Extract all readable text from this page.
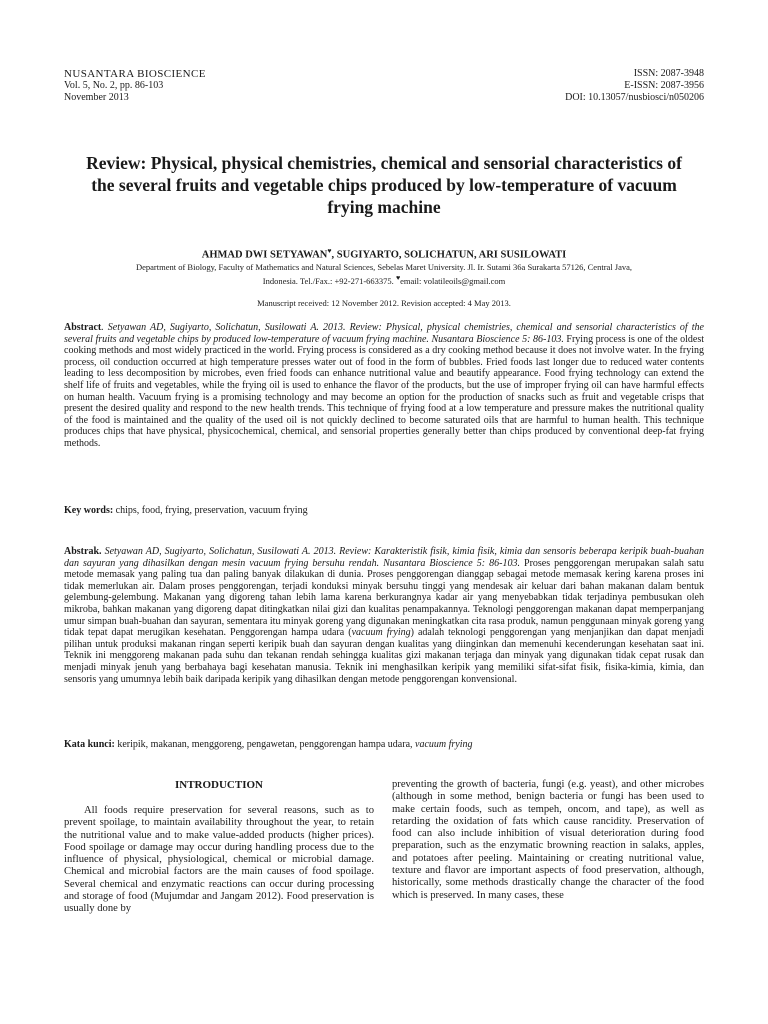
NUSANTARA BIOSCIENCE
Vol. 5, No. 2, pp. 86-103
November 2013
ISSN: 2087-3948
E-ISSN: 2087-3956
DOI: 10.13057/nusbiosci/n050206
Review: Physical, physical chemistries, chemical and sensorial characteristics of the several fruits and vegetable chips produced by low-temperature of vacuum frying machine
AHMAD DWI SETYAWAN♥, SUGIYARTO, SOLICHATUN, ARI SUSILOWATI
Department of Biology, Faculty of Mathematics and Natural Sciences, Sebelas Maret University. Jl. Ir. Sutami 36a Surakarta 57126, Central Java,
Indonesia. Tel./Fax.: +92-271-663375. ♥email: volatileoils@gmail.com
Manuscript received: 12 November 2012. Revision accepted: 4 May 2013.

Abstract. Setyawan AD, Sugiyarto, Solichatun, Susilowati A. 2013. Review: Physical, physical chemistries, chemical and sensorial characteristics of the several fruits and vegetable chips by produced low-temperature of vacuum frying machine. Nusantara Bioscience 5: 86-103. Frying process is one of the oldest cooking methods and most widely practiced in the world. Frying process is considered as a dry cooking method because it does not involve water. In the frying process, oil conduction occurred at high temperature presses water out of food in the form of bubbles. Fried foods last longer due to reduced water contents leading to less decomposition by microbes, even fried foods can enhance nutritional value and beautify appearance. Food frying technology can extend the shelf life of fruits and vegetables, while the frying oil is used to enhance the flavor of the products, but the use of improper frying oil can have harmful effects on human health. Vacuum frying is a promising technology and may become an option for the production of snacks such as fruit and vegetable crisps that present the desired quality and respond to the new health trends. This technique of frying food at a low temperature and pressure makes the nutritional quality of the food is maintained and the quality of the used oil is not quickly declined to become saturated oils that are harmful to human health. This technique produces chips that have physical, physicochemical, chemical, and sensorial properties generally better than chips produced by conventional deep-fat frying methods.

Key words: chips, food, frying, preservation, vacuum frying

Abstrak. Setyawan AD, Sugiyarto, Solichatun, Susilowati A. 2013. Review: Karakteristik fisik, kimia fisik, kimia dan sensoris beberapa keripik buah-buahan dan sayuran yang dihasilkan dengan mesin vacuum frying bersuhu rendah. Nusantara Bioscience 5: 86-103. Proses penggorengan merupakan salah satu metode memasak yang paling tua dan paling banyak dilakukan di dunia. Proses penggorengan dianggap sebagai metode memasak kering karena proses ini tidak memerlukan air. Dalam proses penggorengan, terjadi konduksi minyak bersuhu tinggi yang mendesak air keluar dari bahan makanan dalam bentuk gelembung-gelembung. Makanan yang digoreng tahan lebih lama karena berkurangnya kadar air yang menyebabkan tidak terjadinya pembusukan oleh mikroba, bahkan makanan yang digoreng dapat ditingkatkan nilai gizi dan kualitas penampakannya. Teknologi penggorengan makanan dapat memperpanjang umur simpan buah-buahan dan sayuran, sementara itu minyak goreng yang digunakan meningkatkan cita rasa produk, namun penggunaan minyak goreng yang tidak tepat dapat merugikan kesehatan. Penggorengan hampa udara (vacuum frying) adalah teknologi penggorengan yang menjanjikan dan dapat menjadi pilihan untuk produksi makanan ringan seperti keripik buah dan sayuran dengan kualitas yang diinginkan dan memenuhi kecenderungan kesehatan saat ini. Teknik ini menggoreng makanan pada suhu dan tekanan rendah sehingga kualitas gizi makanan terjaga dan minyak yang digunakan tidak cepat rusak dan menjadi minyak jenuh yang berbahaya bagi kesehatan manusia. Teknik ini menghasilkan keripik yang memiliki sifat-sifat fisik, fisika-kimia, kimia, dan sensoris yang umumnya lebih baik daripada keripik yang dihasilkan dengan metode penggorengan konvensional.

Kata kunci: keripik, makanan, menggoreng, pengawetan, penggorengan hampa udara, vacuum frying
INTRODUCTION

All foods require preservation for several reasons, such as to prevent spoilage, to maintain availability throughout the year, to retain the nutritional value and to make value-added products (higher prices). Food spoilage or damage may occur during handling process due to the influence of physical, physiological, chemical or microbial damage. Chemical and microbial factors are the main causes of food spoilage. Several chemical and enzymatic reactions can occur during processing and storage of food (Mujumdar and Jangam 2012). Food preservation is usually done by

preventing the growth of bacteria, fungi (e.g. yeast), and other microbes (although in some method, benign bacteria or fungi has been used to make certain foods, such as tempeh, oncom, and tape), as well as retarding the oxidation of fats which cause rancidity. Preservation of food can also include inhibition of visual deterioration during food preparation, such as the enzymatic browning reaction in salaks, apples, and potatoes after peeling. Maintaining or creating nutritional value, texture and flavor are important aspects of food preservation, although, historically, some methods drastically change the character of the food which is preserved. In many cases, these
